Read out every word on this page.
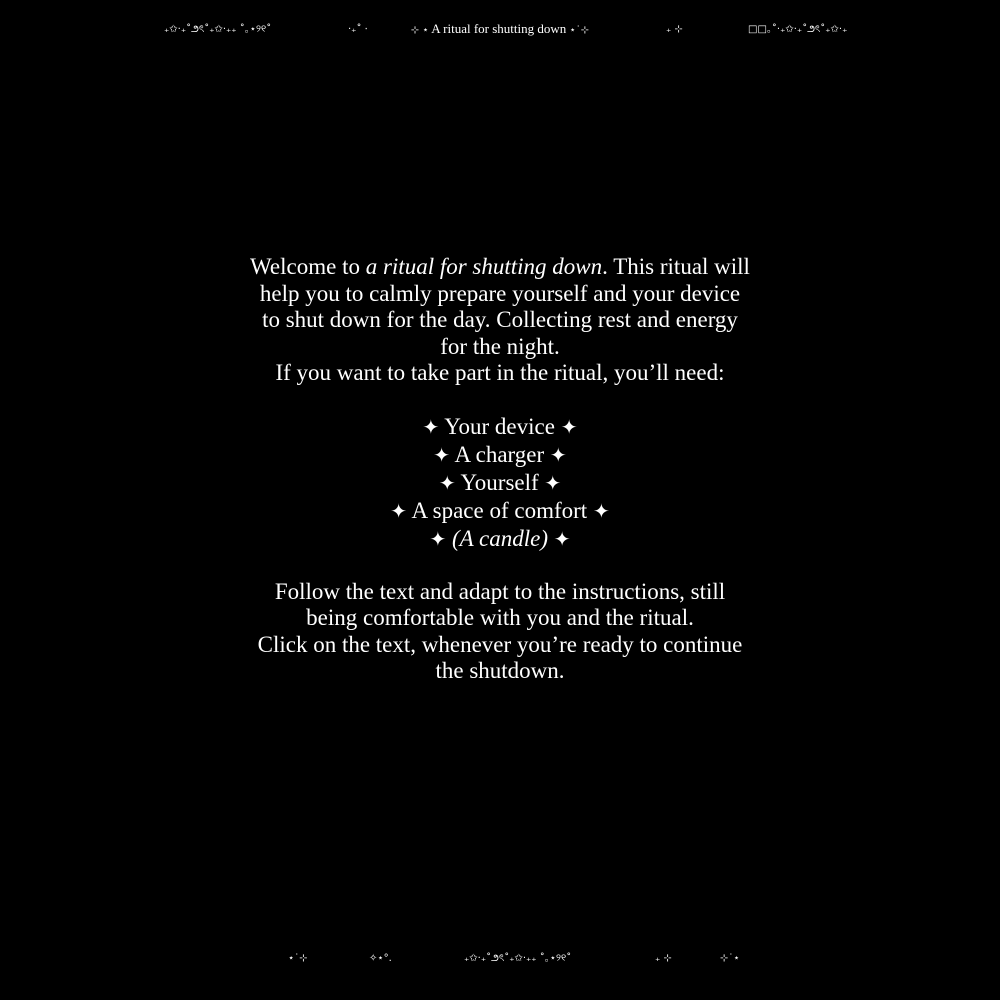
₊✩‧₊˚౨ৎ˚₊✩‧₊₊ ˚｡⋆୨୧˚	‧₊˚ ⋅	⊹ ⋆ A ritual for shutting down ⋆˙⊹	₊ ⊹	□□｡˚‧₊✩‧₊˚౨ৎ˚₊✩‧₊

Welcome to a ritual for shutting down. This ritual will help you to calmly prepare yourself and your device to shut down for the day. Collecting rest and energy for the night.

If you want to take part in the ritual, you’ll need:

✦ Your device ✦
✦ A charger ✦
✦ Yourself ✦
✦ A space of comfort ✦
✦ (A candle) ✦

Follow the text and adapt to the instructions, still being comfortable with you and the ritual.

Click on the text, whenever you’re ready to continue the shutdown.

⋆˙⊹	✧⋆°.	₊✩‧₊˚౨ৎ˚₊✩‧₊₊ ˚｡⋆୨୧˚	₊ ⊹	⊹˙⋆
